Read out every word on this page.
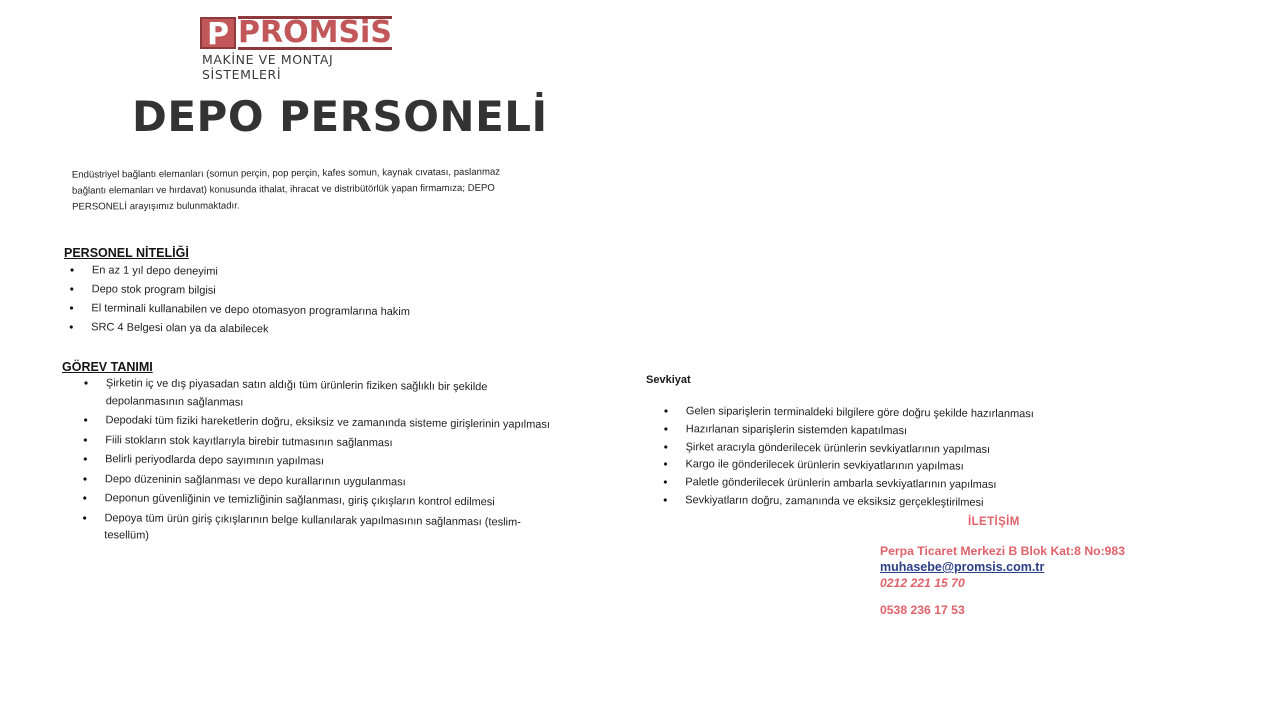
P PROMSiS
MAKİNE VE MONTAJ SİSTEMLERİ
DEPO PERSONELİ
Endüstriyel bağlantı elemanları (somun perçin, pop perçin, kafes somun, kaynak cıvatası, paslanmaz bağlantı elemanları ve hırdavat) konusunda ithalat, ihracat ve distribütörlük yapan firmamıza; DEPO PERSONELİ arayışımız bulunmaktadır.
PERSONEL NİTELİĞİ
• En az 1 yıl depo deneyimi
• Depo stok program bilgisi
• El terminali kullanabilen ve depo otomasyon programlarına hakim
• SRC 4 Belgesi olan ya da alabilecek
GÖREV TANIMI
• Şirketin iç ve dış piyasadan satın aldığı tüm ürünlerin fiziken sağlıklı bir şekilde depolanmasının sağlanması
• Depodaki tüm fiziki hareketlerin doğru, eksiksiz ve zamanında sisteme girişlerinin yapılması
• Fiili stokların stok kayıtlarıyla birebir tutmasının sağlanması
• Belirli periyodlarda depo sayımının yapılması
• Depo düzeninin sağlanması ve depo kurallarının uygulanması
• Deponun güvenliğinin ve temizliğinin sağlanması, giriş çıkışların kontrol edilmesi
• Depoya tüm ürün giriş çıkışlarının belge kullanılarak yapılmasının sağlanması (teslim-tesellüm)
Sevkiyat
• Gelen siparişlerin terminaldeki bilgilere göre doğru şekilde hazırlanması
• Hazırlanan siparişlerin sistemden kapatılması
• Şirket aracıyla gönderilecek ürünlerin sevkiyatlarının yapılması
• Kargo ile gönderilecek ürünlerin sevkiyatlarının yapılması
• Paletle gönderilecek ürünlerin ambarla sevkiyatlarının yapılması
• Sevkiyatların doğru, zamanında ve eksiksiz gerçekleştirilmesi
İLETİŞİM
Perpa Ticaret Merkezi B Blok Kat:8 No:983
muhasebe@promsis.com.tr
0212 221 15 70
0538 236 17 53
